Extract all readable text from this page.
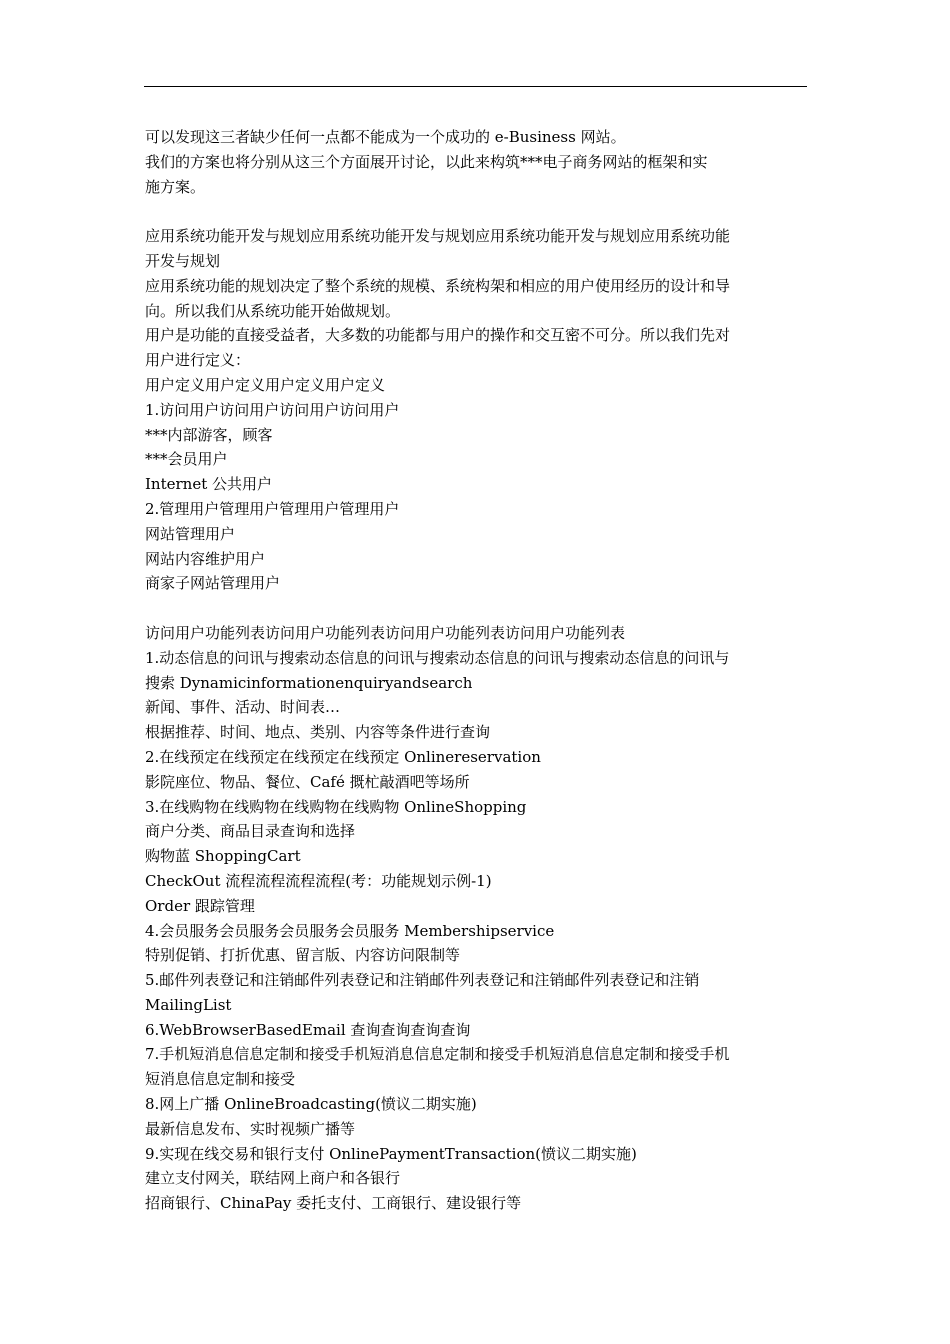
可以发现这三者缺少任何一点都不能成为一个成功的 e-Business 网站。
我们的方案也将分别从这三个方面展开讨论，以此来构筑***电子商务网站的框架和实
施方案。
应用系统功能开发与规划应用系统功能开发与规划应用系统功能开发与规划应用系统功能
开发与规划
应用系统功能的规划决定了整个系统的规模、系统构架和相应的用户使用经历的设计和导
向。所以我们从系统功能开始做规划。
用户是功能的直接受益者，大多数的功能都与用户的操作和交互密不可分。所以我们先对
用户进行定义：
用户定义用户定义用户定义用户定义
1.访问用户访问用户访问用户访问用户
***内部游客，顾客
***会员用户
Internet 公共用户
2.管理用户管理用户管理用户管理用户
网站管理用户
网站内容维护用户
商家子网站管理用户
访问用户功能列表访问用户功能列表访问用户功能列表访问用户功能列表
1.动态信息的问讯与搜索动态信息的问讯与搜索动态信息的问讯与搜索动态信息的问讯与
搜索 Dynamicinformationenquiryandsearch
新闻、事件、活动、时间表…
根据推荐、时间、地点、类别、内容等条件进行查询
2.在线预定在线预定在线预定在线预定 Onlinereservation
影院座位、物品、餐位、Café 摡杧敲酒吧等场所
3.在线购物在线购物在线购物在线购物 OnlineShopping
商户分类、商品目录查询和选择
购物蓝 ShoppingCart
CheckOut 流程流程流程流程(考：功能规划示例-1)
Order 跟踪管理
4.会员服务会员服务会员服务会员服务 Membershipservice
特别促销、打折优惠、留言版、内容访问限制等
5.邮件列表登记和注销邮件列表登记和注销邮件列表登记和注销邮件列表登记和注销
MailingList
6.WebBrowserBasedEmail 查询查询查询查询
7.手机短消息信息定制和接受手机短消息信息定制和接受手机短消息信息定制和接受手机
短消息信息定制和接受
8.网上广播 OnlineBroadcasting(愤议二期实施)
最新信息发布、实时视频广播等
9.实现在线交易和银行支付 OnlinePaymentTransaction(愤议二期实施)
建立支付网关，联结网上商户和各银行
招商银行、ChinaPay 委托支付、工商银行、建设银行等
